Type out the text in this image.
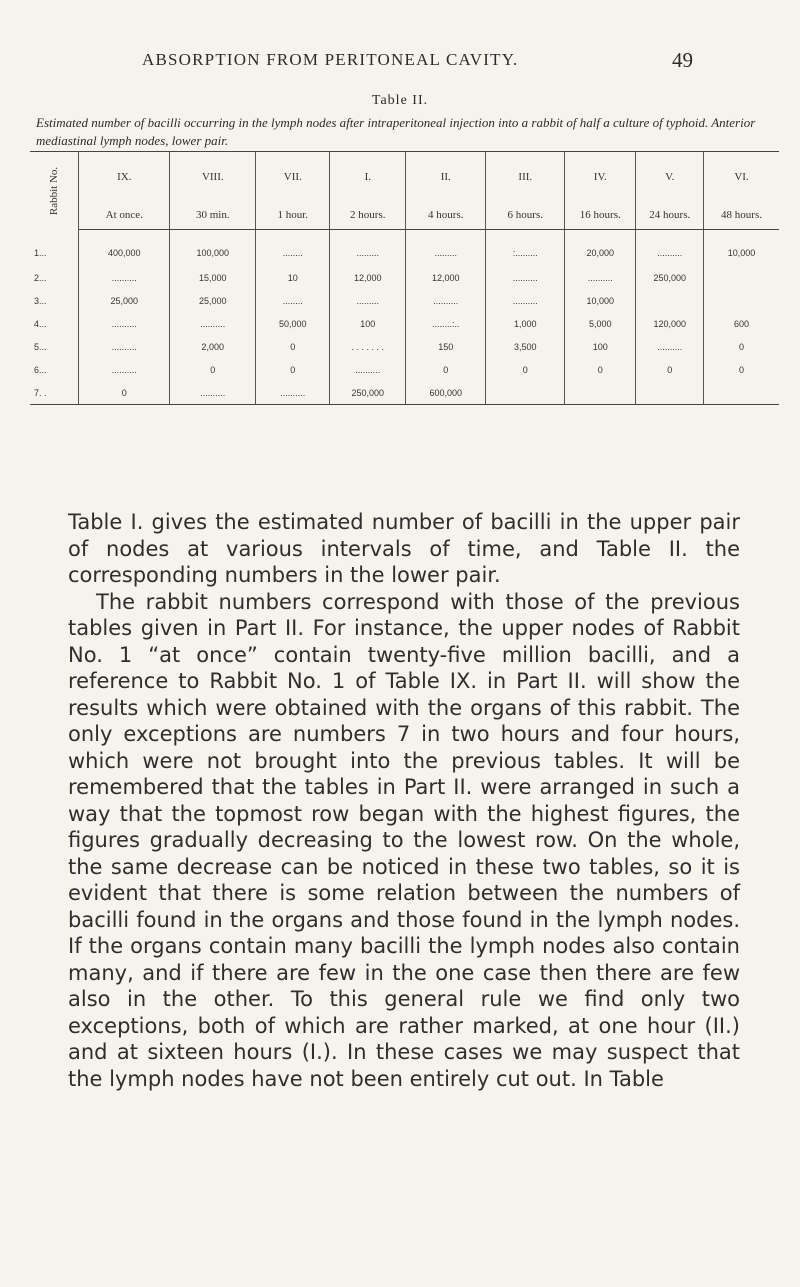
ABSORPTION FROM PERITONEAL CAVITY.	49
Table II.
Estimated number of bacilli occurring in the lymph nodes after intraperitoneal injection into a rabbit of half a culture of typhoid. Anterior mediastinal lymph nodes, lower pair.
Rabbit No.	IX.	VIII.	VII.	I.	II.	III.	IV.	V.	VI.
	At once.	30 min.	1 hour.	2 hours.	4 hours.	6 hours.	16 hours.	24 hours.	48 hours.
1...	400,000	100,000	........	.........	.........	:.........	20,000	..........	10,000
2...	..........	15,000	10	12,000	12,000	..........	..........	250,000	
3...	25,000	25,000	........	.........	..........	..........	10,000		
4...	..........	..........	50,000	100	........:..	1,000	5,000	120,000	600
5...	..........	2,000	0	. . . . . . .	150	3,500	100	..........	0
6...	..........	0	0	..........	0	0	0	0	0
7. .	0	..........	..........	250,000	600,000				

Table I. gives the estimated number of bacilli in the upper pair of nodes at various intervals of time, and Table II. the corresponding numbers in the lower pair.

The rabbit numbers correspond with those of the previous tables given in Part II. For instance, the upper nodes of Rabbit No. 1 “at once” contain twenty-five million bacilli, and a reference to Rabbit No. 1 of Table IX. in Part II. will show the results which were obtained with the organs of this rabbit. The only exceptions are numbers 7 in two hours and four hours, which were not brought into the previous tables. It will be remembered that the tables in Part II. were arranged in such a way that the topmost row began with the highest figures, the figures gradually decreasing to the lowest row. On the whole, the same decrease can be noticed in these two tables, so it is evident that there is some relation between the numbers of bacilli found in the organs and those found in the lymph nodes. If the organs contain many bacilli the lymph nodes also contain many, and if there are few in the one case then there are few also in the other. To this general rule we find only two exceptions, both of which are rather marked, at one hour (II.) and at sixteen hours (I.). In these cases we may suspect that the lymph nodes have not been entirely cut out. In Table
